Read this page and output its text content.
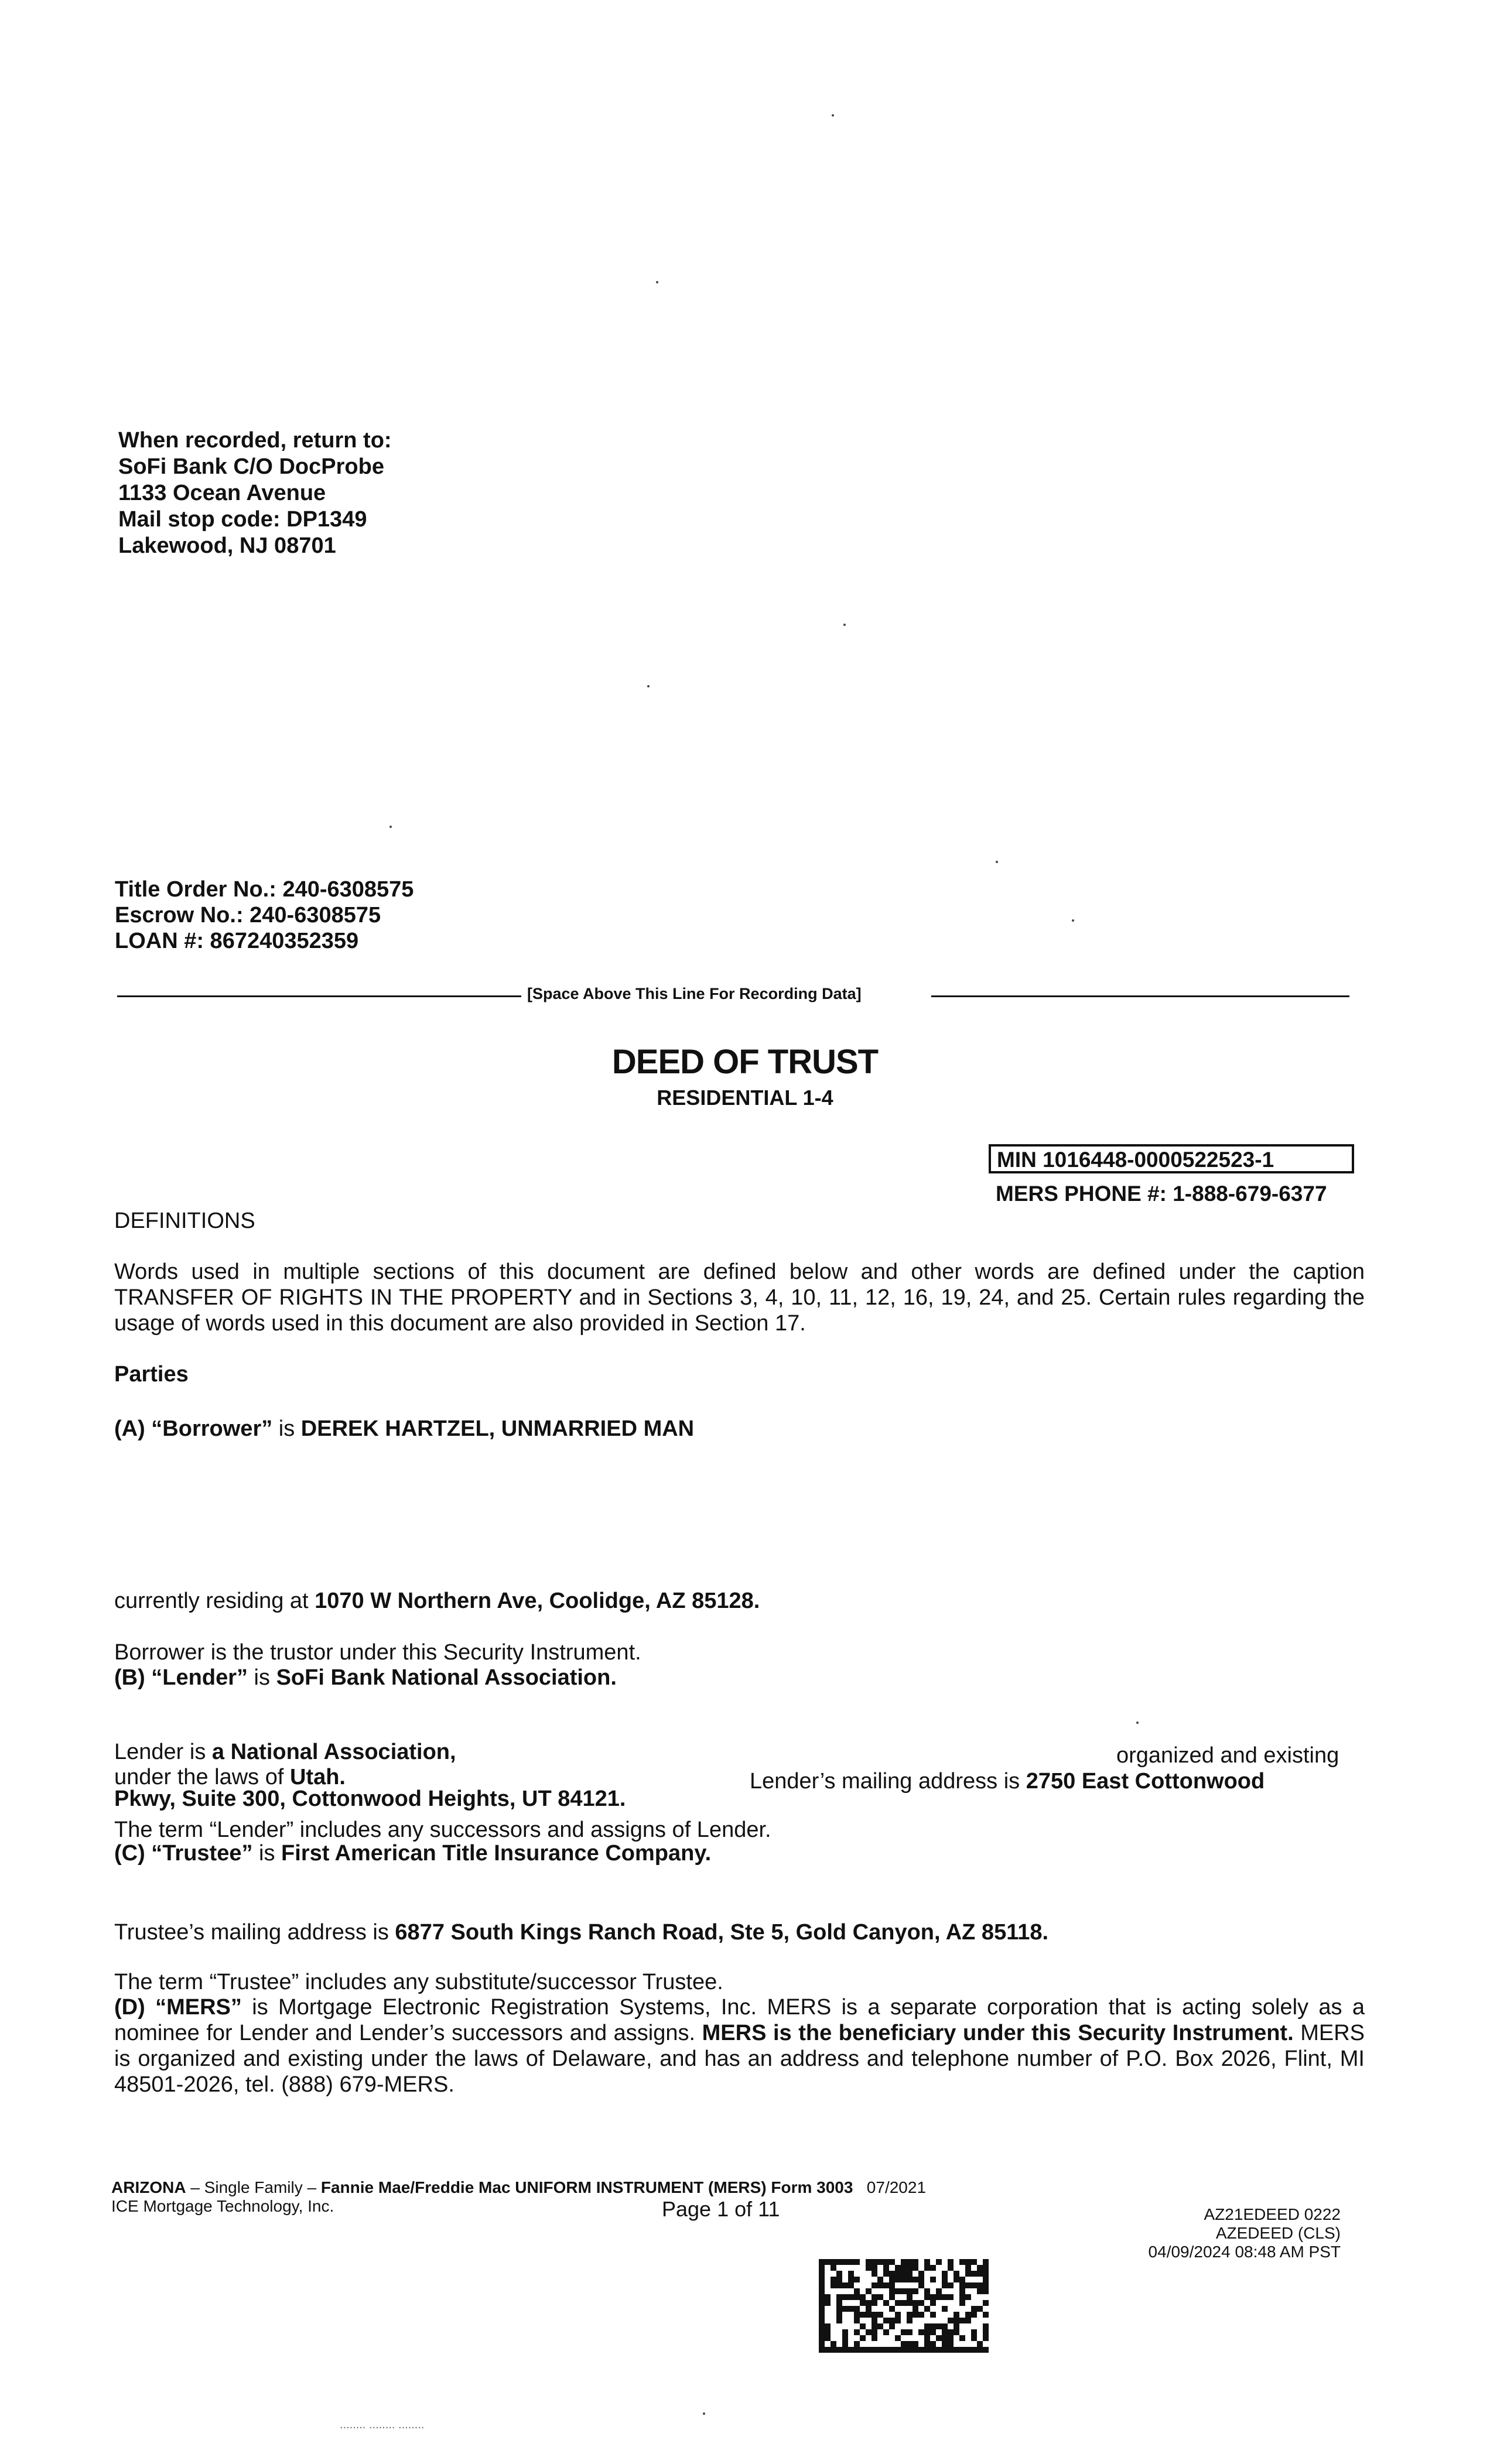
When recorded, return to:
SoFi Bank C/O DocProbe
1133 Ocean Avenue
Mail stop code: DP1349
Lakewood, NJ 08701
Title Order No.: 240-6308575
Escrow No.: 240-6308575
LOAN #: 867240352359
[Space Above This Line For Recording Data]
DEED OF TRUST
RESIDENTIAL 1-4
MIN 1016448-0000522523-1
MERS PHONE #: 1-888-679-6377
DEFINITIONS
Words used in multiple sections of this document are defined below and other words are defined under the caption TRANSFER OF RIGHTS IN THE PROPERTY and in Sections 3, 4, 10, 11, 12, 16, 19, 24, and 25. Certain rules regarding the usage of words used in this document are also provided in Section 17.
Parties
(A) “Borrower” is DEREK HARTZEL, UNMARRIED MAN
currently residing at 1070 W Northern Ave, Coolidge, AZ 85128.
Borrower is the trustor under this Security Instrument.
(B) “Lender” is SoFi Bank National Association.
Lender is a National Association,	organized and existing
under the laws of Utah.	Lender’s mailing address is 2750 East Cottonwood
Pkwy, Suite 300, Cottonwood Heights, UT 84121.
The term “Lender” includes any successors and assigns of Lender.
(C) “Trustee” is First American Title Insurance Company.
Trustee’s mailing address is 6877 South Kings Ranch Road, Ste 5, Gold Canyon, AZ 85118.
The term “Trustee” includes any substitute/successor Trustee.
(D) “MERS” is Mortgage Electronic Registration Systems, Inc. MERS is a separate corporation that is acting solely as a nominee for Lender and Lender’s successors and assigns. MERS is the beneficiary under this Security Instrument. MERS is organized and existing under the laws of Delaware, and has an address and telephone number of P.O. Box 2026, Flint, MI 48501-2026, tel. (888) 679-MERS.
ARIZONA – Single Family – Fannie Mae/Freddie Mac UNIFORM INSTRUMENT (MERS) Form 3003 07/2021
ICE Mortgage Technology, Inc.	Page 1 of 11	AZ21EDEED 0222
AZEDEED (CLS)
04/09/2024 08:48 AM PST
........ ........ ........
